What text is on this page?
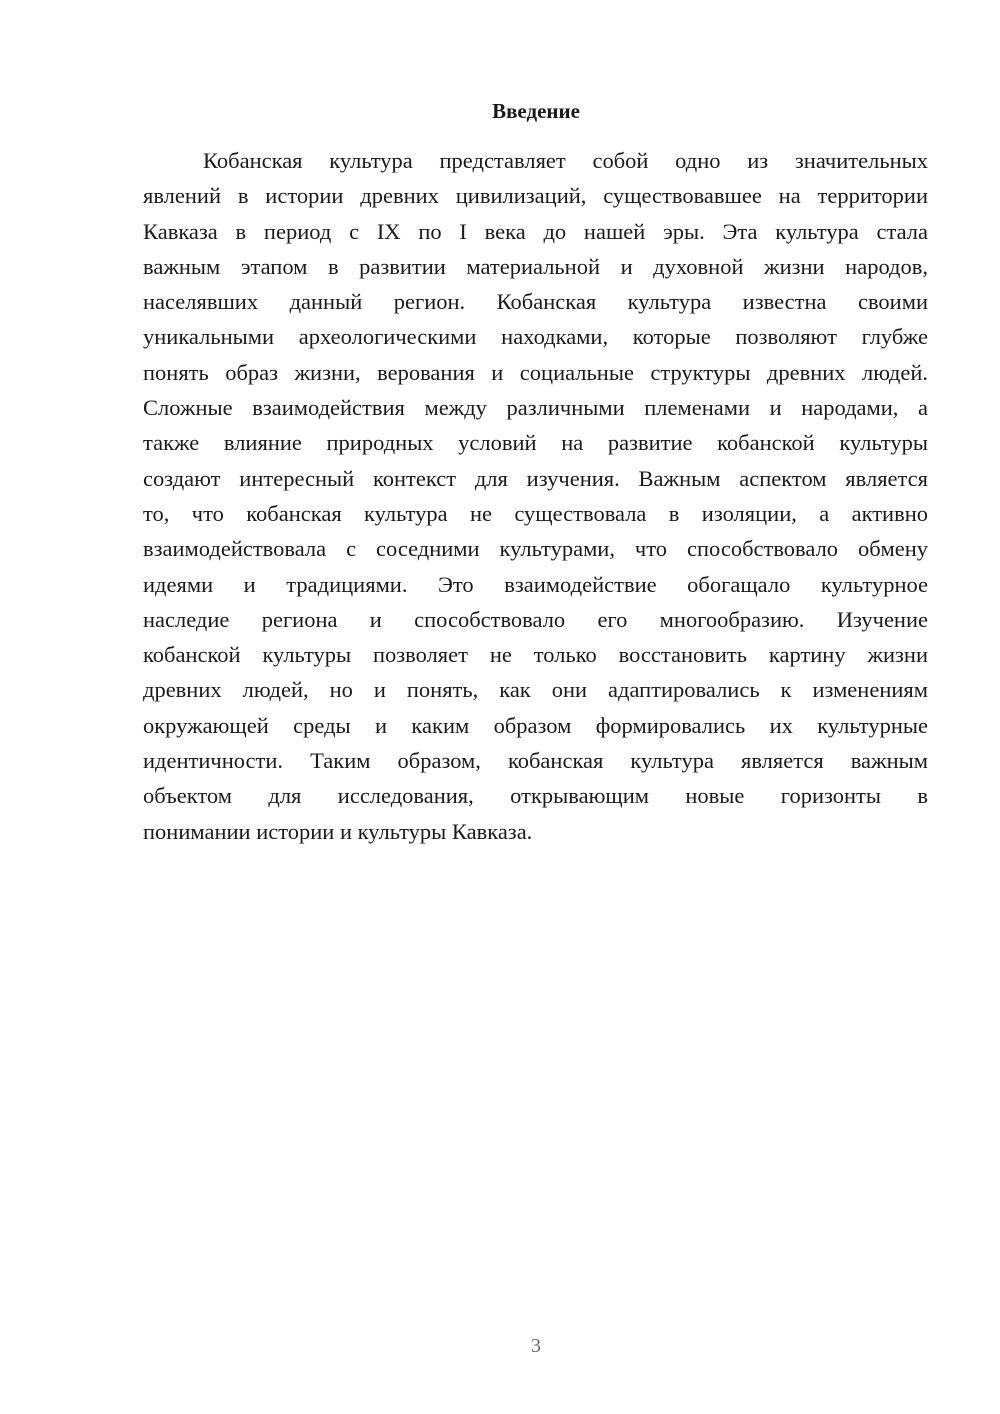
Введение
Кобанская культура представляет собой одно из значительных
явлений в истории древних цивилизаций, существовавшее на территории
Кавказа в период с IX по I века до нашей эры. Эта культура стала
важным этапом в развитии материальной и духовной жизни народов,
населявших данный регион. Кобанская культура известна своими
уникальными археологическими находками, которые позволяют глубже
понять образ жизни, верования и социальные структуры древних людей.
Сложные взаимодействия между различными племенами и народами, а
также влияние природных условий на развитие кобанской культуры
создают интересный контекст для изучения. Важным аспектом является
то, что кобанская культура не существовала в изоляции, а активно
взаимодействовала с соседними культурами, что способствовало обмену
идеями и традициями. Это взаимодействие обогащало культурное
наследие региона и способствовало его многообразию. Изучение
кобанской культуры позволяет не только восстановить картину жизни
древних людей, но и понять, как они адаптировались к изменениям
окружающей среды и каким образом формировались их культурные
идентичности. Таким образом, кобанская культура является важным
объектом для исследования, открывающим новые горизонты в
понимании истории и культуры Кавказа.
3
